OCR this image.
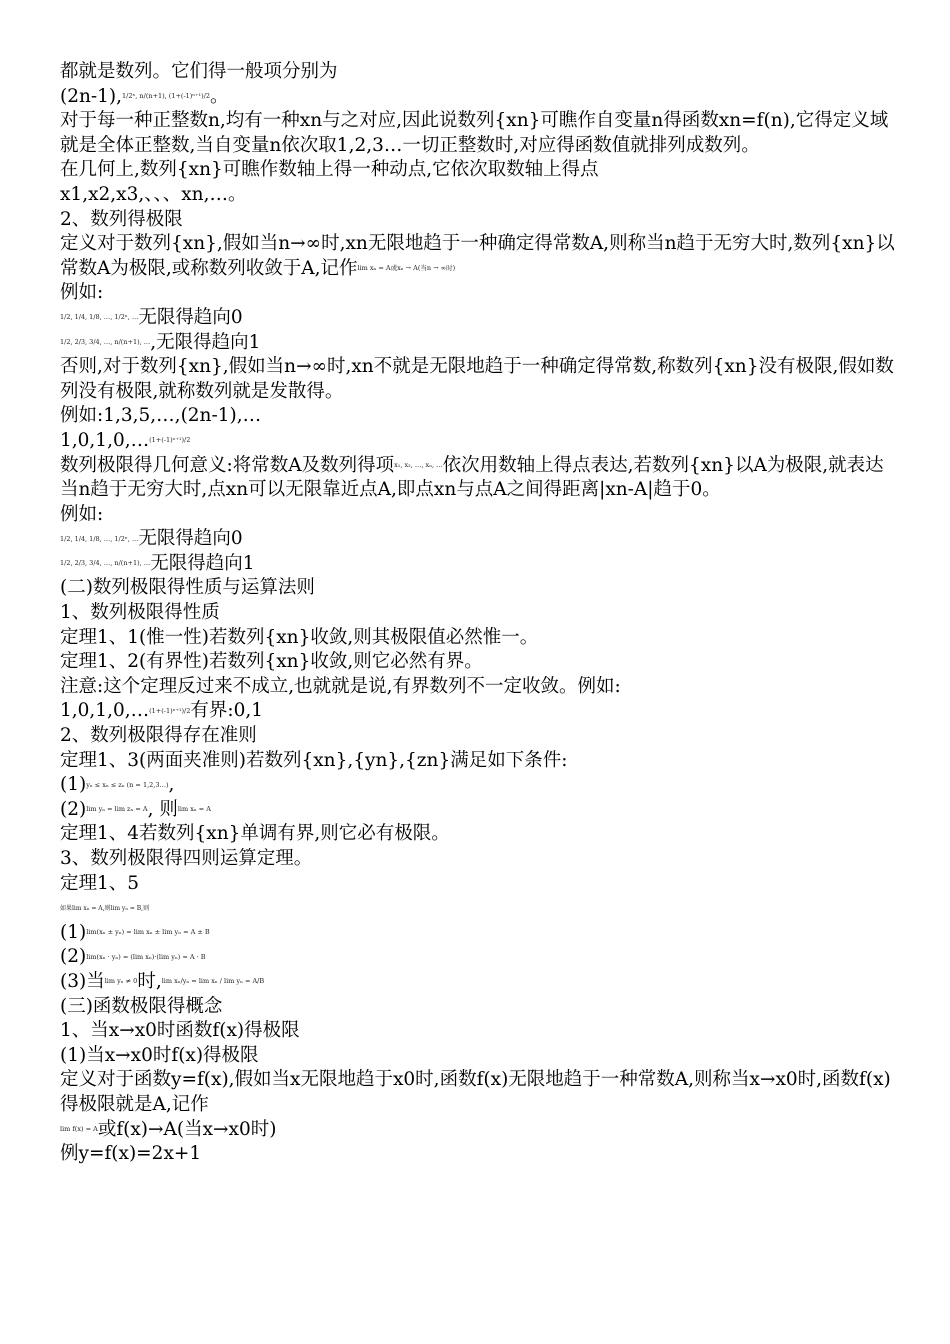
都就是数列。它们得一般项分别为
(2n-1),1/2ⁿ, n/(n+1), (1+(-1)ⁿ⁺¹)/2。
对于每一种正整数n,均有一种xn与之对应,因此说数列{xn}可瞧作自变量n得函数xn=f(n),它得定义域就是全体正整数,当自变量n依次取1,2,3…一切正整数时,对应得函数值就排列成数列。
在几何上,数列{xn}可瞧作数轴上得一种动点,它依次取数轴上得点
x1,x2,x3,、、、xn,…。
2、数列得极限
定义对于数列{xn},假如当n→∞时,xn无限地趋于一种确定得常数A,则称当n趋于无穷大时,数列{xn}以常数A为极限,或称数列收敛于A,记作lim xₙ = A或xₙ → A(当n → ∞时)
例如:
1/2, 1/4, 1/8, …, 1/2ⁿ, …无限得趋向0
1/2, 2/3, 3/4, …, n/(n+1), …,无限得趋向1
否则,对于数列{xn},假如当n→∞时,xn不就是无限地趋于一种确定得常数,称数列{xn}没有极限,假如数列没有极限,就称数列就是发散得。
例如:1,3,5,…,(2n-1),…
1,0,1,0,…(1+(-1)ⁿ⁺¹)/2
数列极限得几何意义:将常数A及数列得项x₁, x₂, …, xₙ, …依次用数轴上得点表达,若数列{xn}以A为极限,就表达当n趋于无穷大时,点xn可以无限靠近点A,即点xn与点A之间得距离|xn-A|趋于0。
例如:
1/2, 1/4, 1/8, …, 1/2ⁿ, …无限得趋向0
1/2, 2/3, 3/4, …, n/(n+1), …无限得趋向1
(二)数列极限得性质与运算法则
1、数列极限得性质
定理1、1(惟一性)若数列{xn}收敛,则其极限值必然惟一。
定理1、2(有界性)若数列{xn}收敛,则它必然有界。
注意:这个定理反过来不成立,也就就是说,有界数列不一定收敛。例如:
1,0,1,0,…(1+(-1)ⁿ⁺¹)/2有界:0,1
2、数列极限得存在准则
定理1、3(两面夹准则)若数列{xn},{yn},{zn}满足如下条件:
(1)yₙ ≤ xₙ ≤ zₙ (n = 1,2,3…),
(2)lim yₙ = lim zₙ = A, 则lim xₙ = A
定理1、4若数列{xn}单调有界,则它必有极限。
3、数列极限得四则运算定理。
定理1、5
如果lim xₙ = A,则lim yₙ = B,则
(1)lim(xₙ ± yₙ) = lim xₙ ± lim yₙ = A ± B
(2)lim(xₙ · yₙ) = (lim xₙ)·(lim yₙ) = A · B
(3)当lim yₙ ≠ 0时,lim xₙ/yₙ = lim xₙ / lim yₙ = A/B
(三)函数极限得概念
1、当x→x0时函数f(x)得极限
(1)当x→x0时f(x)得极限
定义对于函数y=f(x),假如当x无限地趋于x0时,函数f(x)无限地趋于一种常数A,则称当x→x0时,函数f(x)得极限就是A,记作
lim f(x) = A或f(x)→A(当x→x0时)
例y=f(x)=2x+1
